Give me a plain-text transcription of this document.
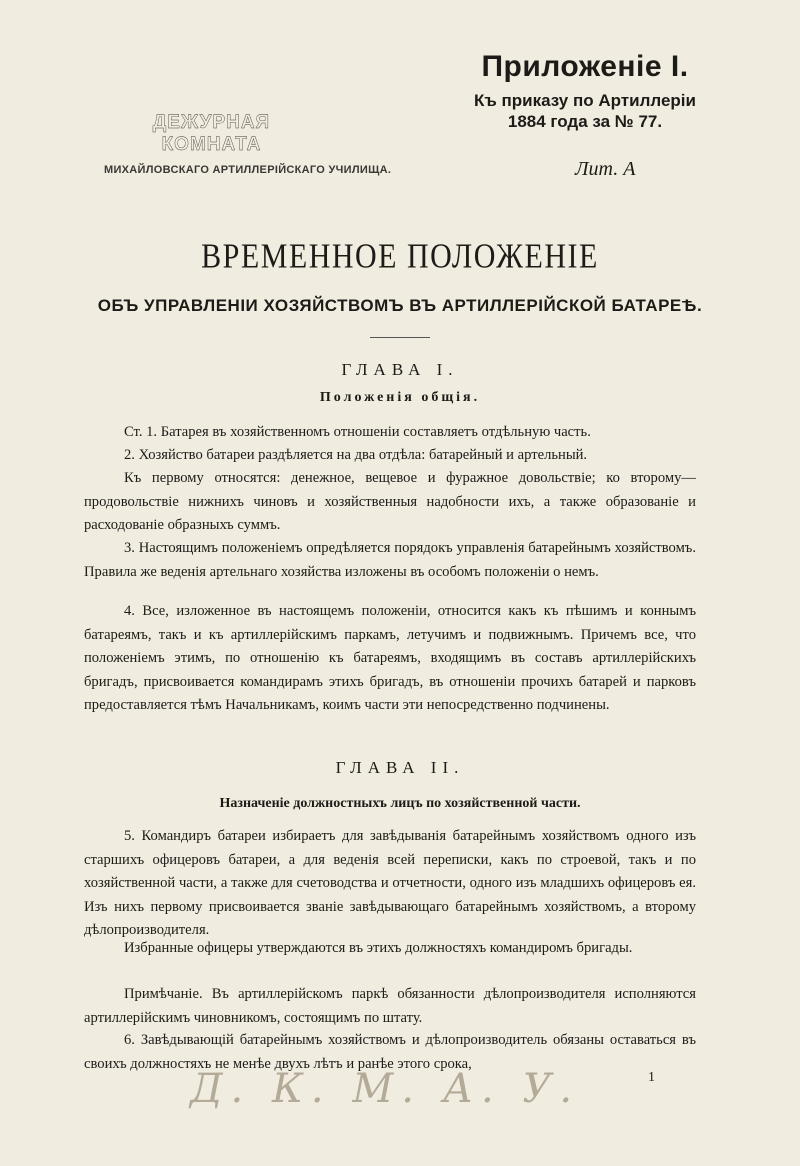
ДЕЖУРНАЯ КОМНАТА
МИХАЙЛОВСКАГО АРТИЛЛЕРІЙСКАГО УЧИЛИЩА.
Приложеніе I.
Къ приказу по Артиллеріи
1884 года за № 77.
Лит. А
ВРЕМЕННОЕ ПОЛОЖЕНІЕ
ОБЪ УПРАВЛЕНІИ ХОЗЯЙСТВОМЪ ВЪ АРТИЛЛЕРІЙСКОЙ БАТАРЕѢ.
ГЛАВА I.
Положенія общія.
Ст. 1. Батарея въ хозяйственномъ отношеніи составляетъ отдѣльную часть.
2. Хозяйство батареи раздѣляется на два отдѣла: батарейный и артельный.
Къ первому относятся: денежное, вещевое и фуражное довольствіе; ко второму—продовольствіе нижнихъ чиновъ и хозяйственныя надобности ихъ, а также образованіе и расходованіе образныхъ суммъ.
3. Настоящимъ положеніемъ опредѣляется порядокъ управленія батарейнымъ хозяйствомъ. Правила же веденія артельнаго хозяйства изложены въ особомъ положеніи о немъ.
4. Все, изложенное въ настоящемъ положеніи, относится какъ къ пѣшимъ и коннымъ батареямъ, такъ и къ артиллерійскимъ паркамъ, летучимъ и подвижнымъ. Причемъ все, что положеніемъ этимъ, по отношенію къ батареямъ, входящимъ въ составъ артиллерійскихъ бригадъ, присвоивается командирамъ этихъ бригадъ, въ отношеніи прочихъ батарей и парковъ предоставляется тѣмъ Начальникамъ, коимъ части эти непосредственно подчинены.
ГЛАВА II.
Назначеніе должностныхъ лицъ по хозяйственной части.
5. Командиръ батареи избираетъ для завѣдыванія батарейнымъ хозяйствомъ одного изъ старшихъ офицеровъ батареи, а для веденія всей переписки, какъ по строевой, такъ и по хозяйственной части, а также для счетоводства и отчетности, одного изъ младшихъ офицеровъ ея. Изъ нихъ первому присвоивается званіе завѣдывающаго батарейнымъ хозяйствомъ, а второму дѣлопроизводителя.
Избранные офицеры утверждаются въ этихъ должностяхъ командиромъ бригады.
Примѣчаніе. Въ артиллерійскомъ паркѣ обязанности дѣлопроизводителя исполняются артиллерійскимъ чиновникомъ, состоящимъ по штату.
6. Завѣдывающій батарейнымъ хозяйствомъ и дѣлопроизводитель обязаны оставаться въ своихъ должностяхъ не менѣе двухъ лѣтъ и ранѣе этого срока,
Д. К. М. А. У.	1
